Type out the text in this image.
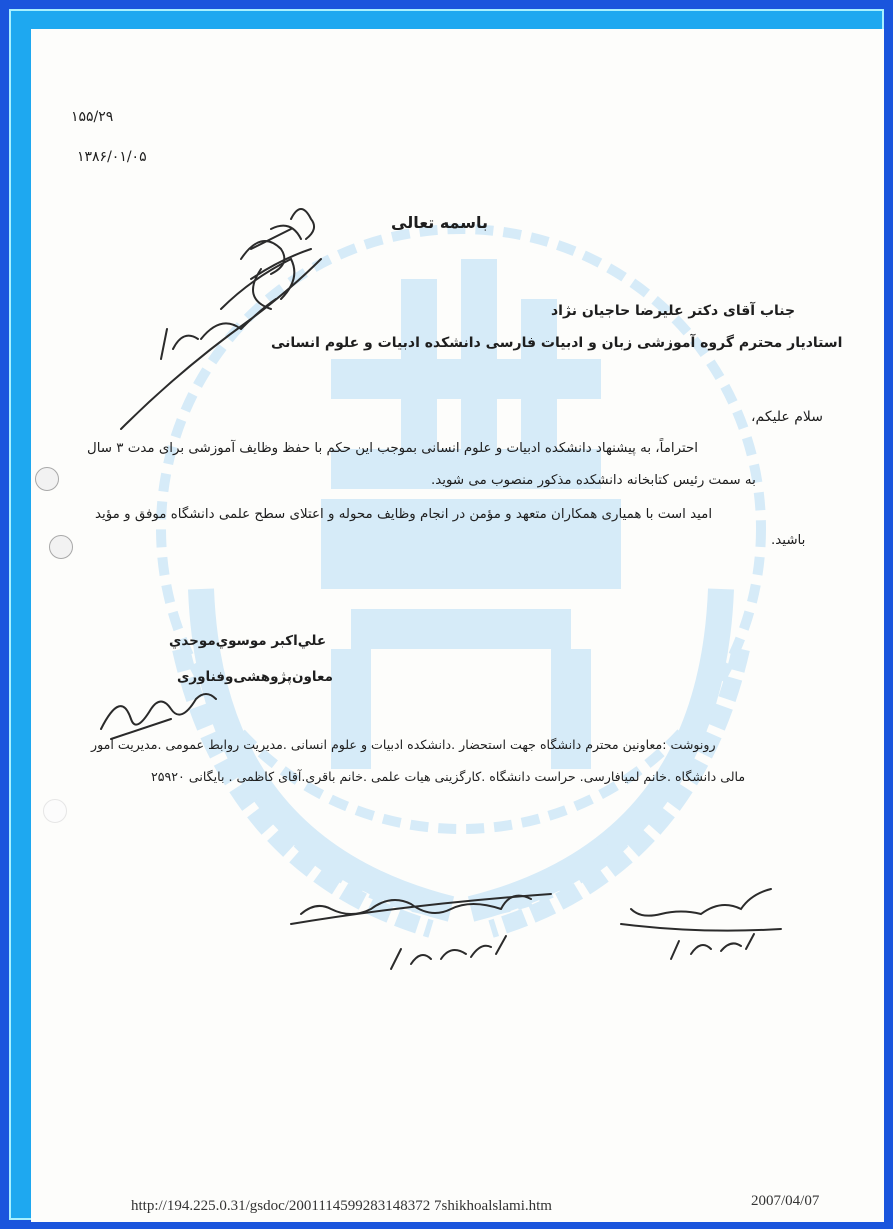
۱۵۵/۲۹
۱۳۸۶/۰۱/۰۵
باسمه تعالی
جناب آقای دکتر علیرضا حاجیان نژاد
استادیار محترم گروه آموزشی زبان و ادبیات فارسی دانشکده ادبیات و علوم انسانی
سلام علیکم،
احتراماً، به پیشنهاد دانشکده ادبیات و علوم انسانی بموجب این حکم با حفظ وظایف آموزشی برای مدت ۳ سال
به سمت رئیس کتابخانه دانشکده مذکور منصوب می شوید.
امید است با همیاری همکاران متعهد و مؤمن در انجام وظایف محوله و اعتلای سطح علمی دانشگاه موفق و مؤید
باشید.
علي‌اكبر موسوي‌موحدي
معاون‌پژوهشی‌وفناوری
رونوشت :معاونین محترم دانشگاه جهت استحضار .دانشکده ادبیات و علوم انسانی .مدیریت روابط عمومی .مدیریت امور
مالی دانشگاه .خانم لمیافارسی. حراست دانشگاه .کارگزینی هیات علمی .خانم باقری.آقای کاظمی . بایگانی ۲۵۹۲۰
http://194.225.0.31/gsdoc/2001114599283148372 7shikhoalslami.htm	2007/04/07
